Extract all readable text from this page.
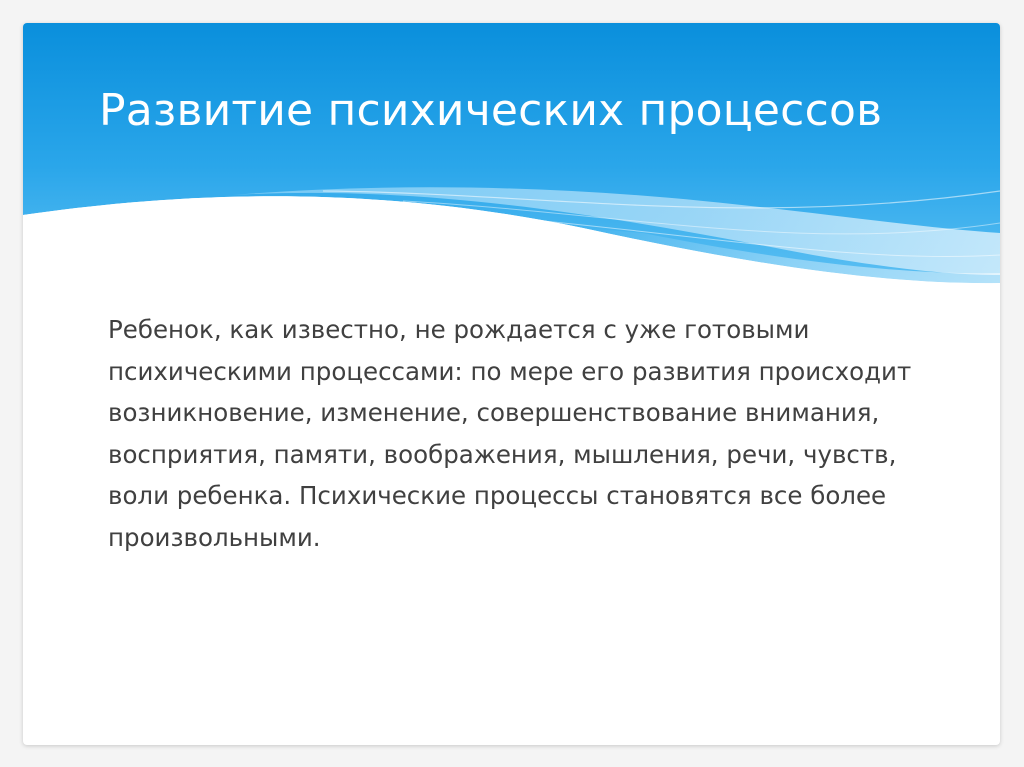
Развитие психических процессов

Ребенок, как известно, не рождается с уже готовыми психическими процессами: по мере его развития происходит возникновение, изменение, совершенствование внимания, восприятия, памяти, воображения, мышления, речи, чувств, воли ребенка. Психические процессы становятся все более произвольными.
